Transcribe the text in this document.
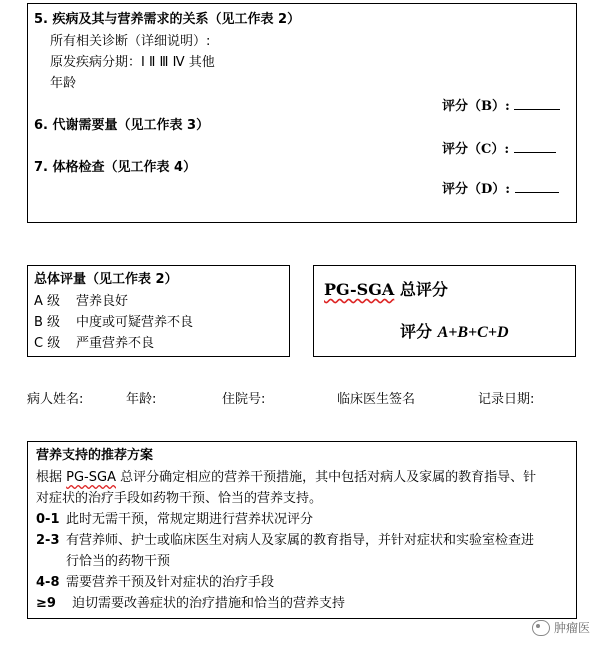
5. 疾病及其与营养需求的关系（见工作表 2）
所有相关诊断（详细说明）:
原发疾病分期：Ⅰ Ⅱ Ⅲ Ⅳ 其他
年龄
评分（B）:
6. 代谢需要量（见工作表 3）
评分（C）:
7. 体格检查（见工作表 4）
评分（D）:
总体评量（见工作表 2）
A 级 营养良好
B 级 中度或可疑营养不良
C 级 严重营养不良
PG-SGA 总评分
评分 A+B+C+D
病人姓名:	年龄:	住院号:	临床医生签名	记录日期:
营养支持的推荐方案
根据 PG-SGA 总评分确定相应的营养干预措施，其中包括对病人及家属的教育指导、针
对症状的治疗手段如药物干预、恰当的营养支持。
0-1 此时无需干预，常规定期进行营养状况评分
2-3 有营养师、护士或临床医生对病人及家属的教育指导，并针对症状和实验室检查进
行恰当的药物干预
4-8 需要营养干预及针对症状的治疗手段
≥9 迫切需要改善症状的治疗措施和恰当的营养支持
肿瘤医
